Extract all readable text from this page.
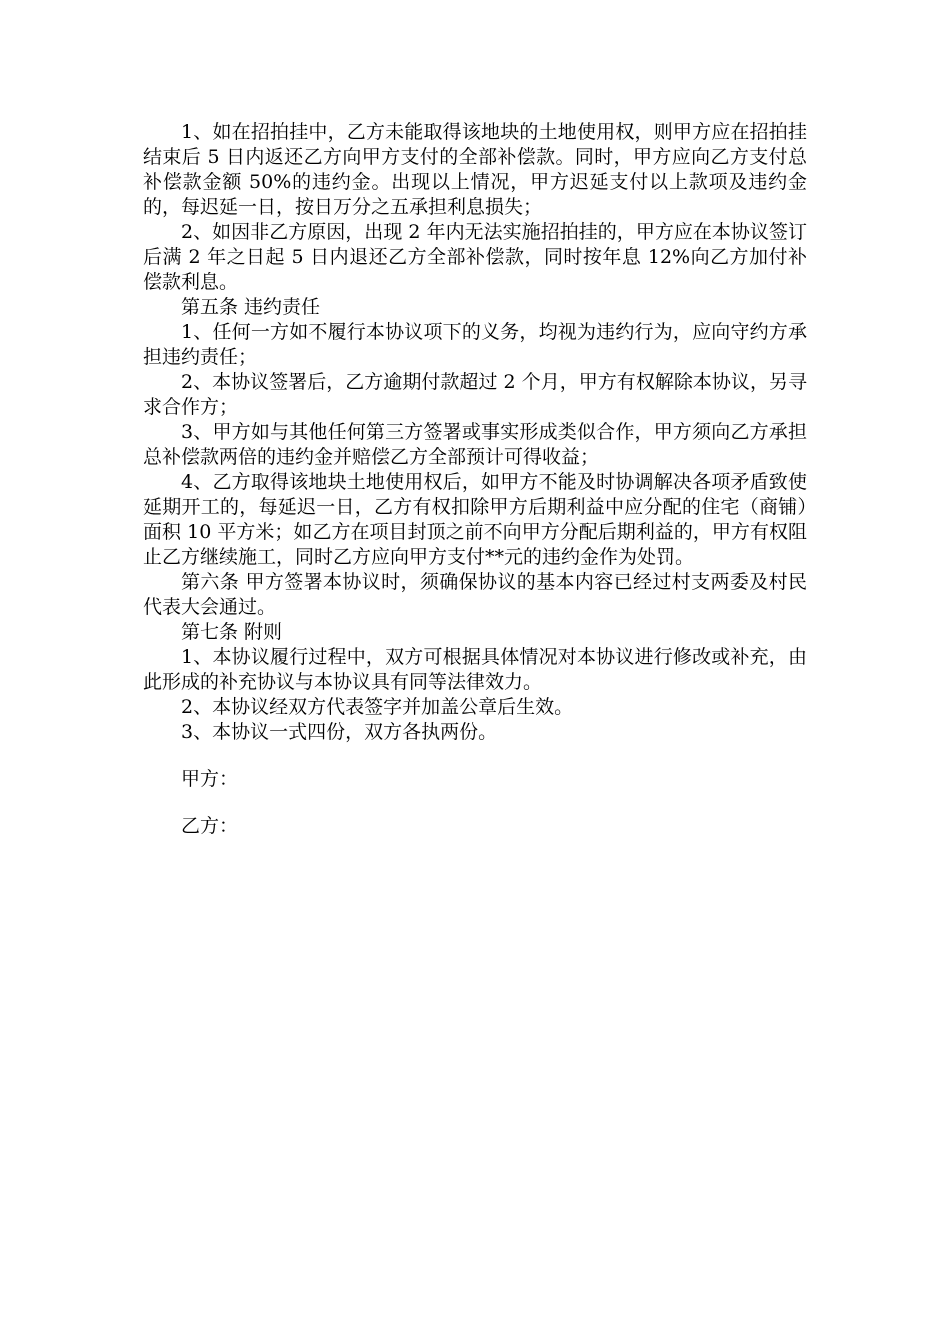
1、如在招拍挂中，乙方未能取得该地块的土地使用权，则甲方应在招拍挂结束后 5 日内返还乙方向甲方支付的全部补偿款。同时，甲方应向乙方支付总补偿款金额 50%的违约金。出现以上情况，甲方迟延支付以上款项及违约金的，每迟延一日，按日万分之五承担利息损失；

2、如因非乙方原因，出现 2 年内无法实施招拍挂的，甲方应在本协议签订后满 2 年之日起 5 日内退还乙方全部补偿款，同时按年息 12%向乙方加付补偿款利息。

第五条 违约责任

1、任何一方如不履行本协议项下的义务，均视为违约行为，应向守约方承担违约责任；

2、本协议签署后，乙方逾期付款超过 2 个月，甲方有权解除本协议，另寻求合作方；

3、甲方如与其他任何第三方签署或事实形成类似合作，甲方须向乙方承担总补偿款两倍的违约金并赔偿乙方全部预计可得收益；

4、乙方取得该地块土地使用权后，如甲方不能及时协调解决各项矛盾致使延期开工的，每延迟一日，乙方有权扣除甲方后期利益中应分配的住宅（商铺）面积 10 平方米；如乙方在项目封顶之前不向甲方分配后期利益的，甲方有权阻止乙方继续施工，同时乙方应向甲方支付**元的违约金作为处罚。

第六条 甲方签署本协议时，须确保协议的基本内容已经过村支两委及村民代表大会通过。

第七条 附则

1、本协议履行过程中，双方可根据具体情况对本协议进行修改或补充，由此形成的补充协议与本协议具有同等法律效力。

2、本协议经双方代表签字并加盖公章后生效。

3、本协议一式四份，双方各执两份。

甲方：

乙方：
